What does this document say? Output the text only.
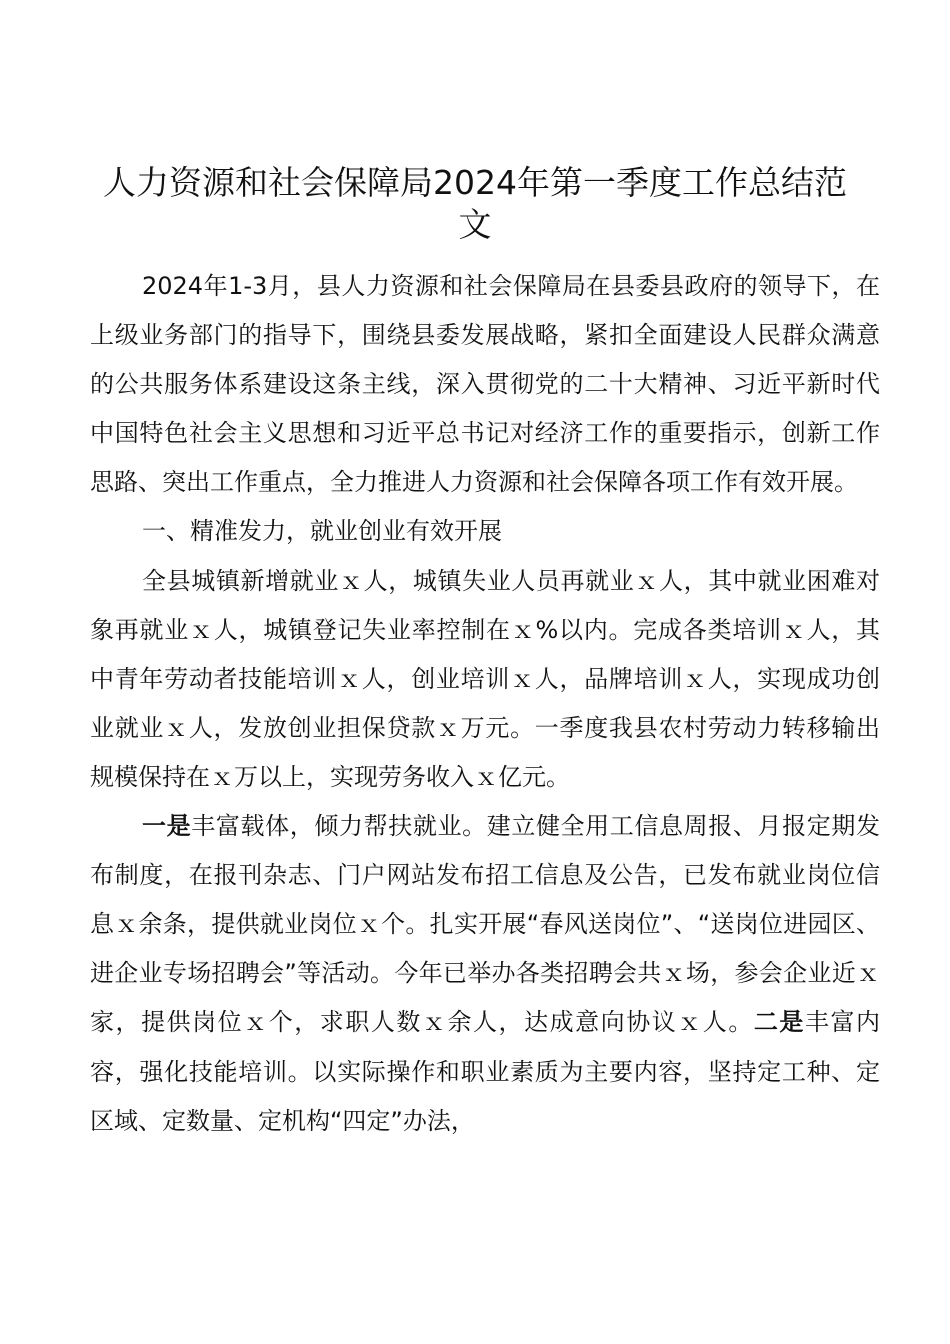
人力资源和社会保障局2024年第一季度工作总结范文

2024年1-3月，县人力资源和社会保障局在县委县政府的领导下，在上级业务部门的指导下，围绕县委发展战略，紧扣全面建设人民群众满意的公共服务体系建设这条主线，深入贯彻党的二十大精神、习近平新时代中国特色社会主义思想和习近平总书记对经济工作的重要指示，创新工作思路、突出工作重点，全力推进人力资源和社会保障各项工作有效开展。

一、精准发力，就业创业有效开展

全县城镇新增就业ｘ人，城镇失业人员再就业ｘ人，其中就业困难对象再就业ｘ人，城镇登记失业率控制在ｘ%以内。完成各类培训ｘ人，其中青年劳动者技能培训ｘ人，创业培训ｘ人，品牌培训ｘ人，实现成功创业就业ｘ人，发放创业担保贷款ｘ万元。一季度我县农村劳动力转移输出规模保持在ｘ万以上，实现劳务收入ｘ亿元。

一是丰富载体，倾力帮扶就业。建立健全用工信息周报、月报定期发布制度，在报刊杂志、门户网站发布招工信息及公告，已发布就业岗位信息ｘ余条，提供就业岗位ｘ个。扎实开展“春风送岗位”、“送岗位进园区、进企业专场招聘会”等活动。今年已举办各类招聘会共ｘ场，参会企业近ｘ家，提供岗位ｘ个，求职人数ｘ余人，达成意向协议ｘ人。二是丰富内容，强化技能培训。以实际操作和职业素质为主要内容，坚持定工种、定区域、定数量、定机构“四定”办法，
